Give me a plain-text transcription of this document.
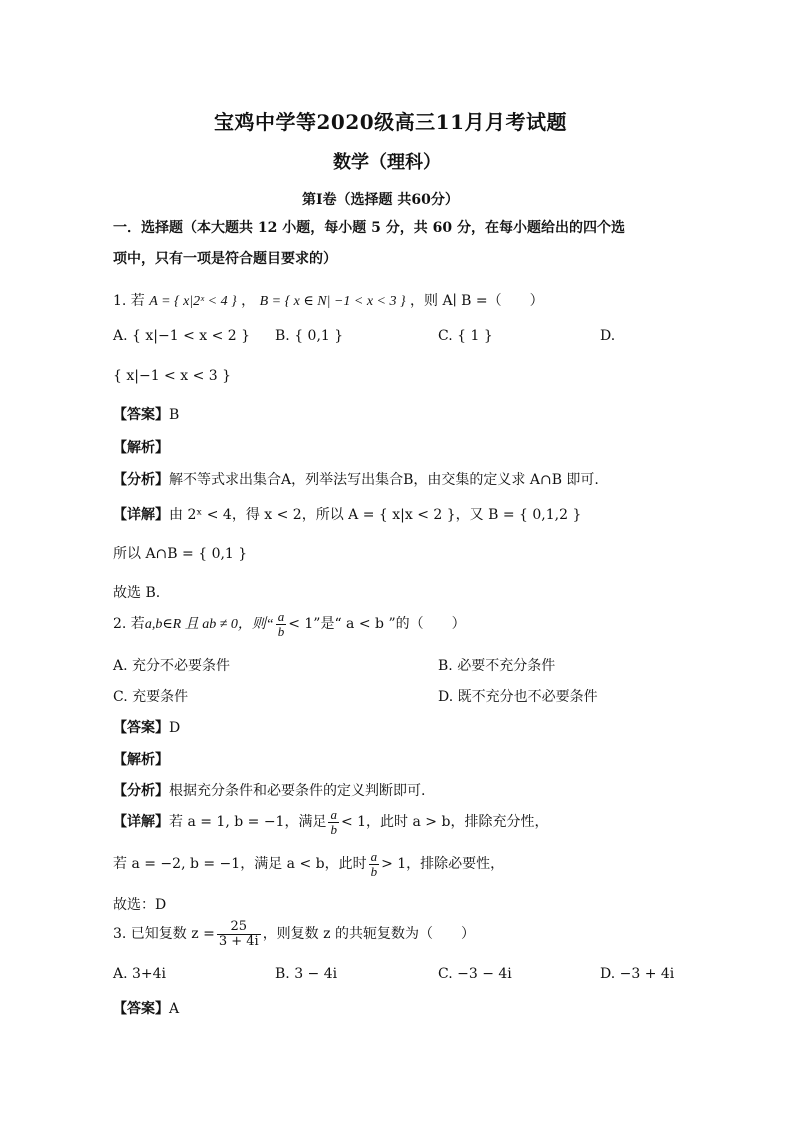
宝鸡中学等2020级高三11月月考试题
数学（理科）
第Ⅰ卷（选择题 共60分）
一．选择题（本大题共 12 小题，每小题 5 分，共 60 分，在每小题给出的四个选
项中，只有一项是符合题目要求的）
1. 若 A = { x|2ˣ < 4 } ， B = { x ∈ N| −1 < x < 3 } ，则 A∣ B =（　　）
A. { x|−1 < x < 2 } B. { 0,1 }	C. { 1 }	D.
{ x|−1 < x < 3 }
【答案】B
【解析】
【分析】解不等式求出集合A，列举法写出集合B，由交集的定义求 A∩B 即可.
【详解】由 2ˣ < 4，得 x < 2，所以 A = { x|x < 2 }，又 B = { 0,1,2 }
所以 A∩B = { 0,1 }
故选 B.
2. 若a,b∈R 且 ab ≠ 0，则“ $\frac{a}{b} < 1$”是“ a < b ”的（　　）
A. 充分不必要条件	B. 必要不充分条件
C. 充要条件	D. 既不充分也不必要条件
【答案】D
【解析】
【分析】根据充分条件和必要条件的定义判断即可.
【详解】若 a = 1, b = −1，满足 $\frac{a}{b} < 1$，此时 a > b，排除充分性，
若 a = −2, b = −1，满足 a < b，此时 $\frac{a}{b} > 1$，排除必要性，
故选：D
3. 已知复数 $z = \frac{25}{3 + 4i}$ ，则复数 z 的共轭复数为（　　）
A. 3+4i	B. 3 − 4i	C. −3 − 4i	D. −3 + 4i
【答案】A
